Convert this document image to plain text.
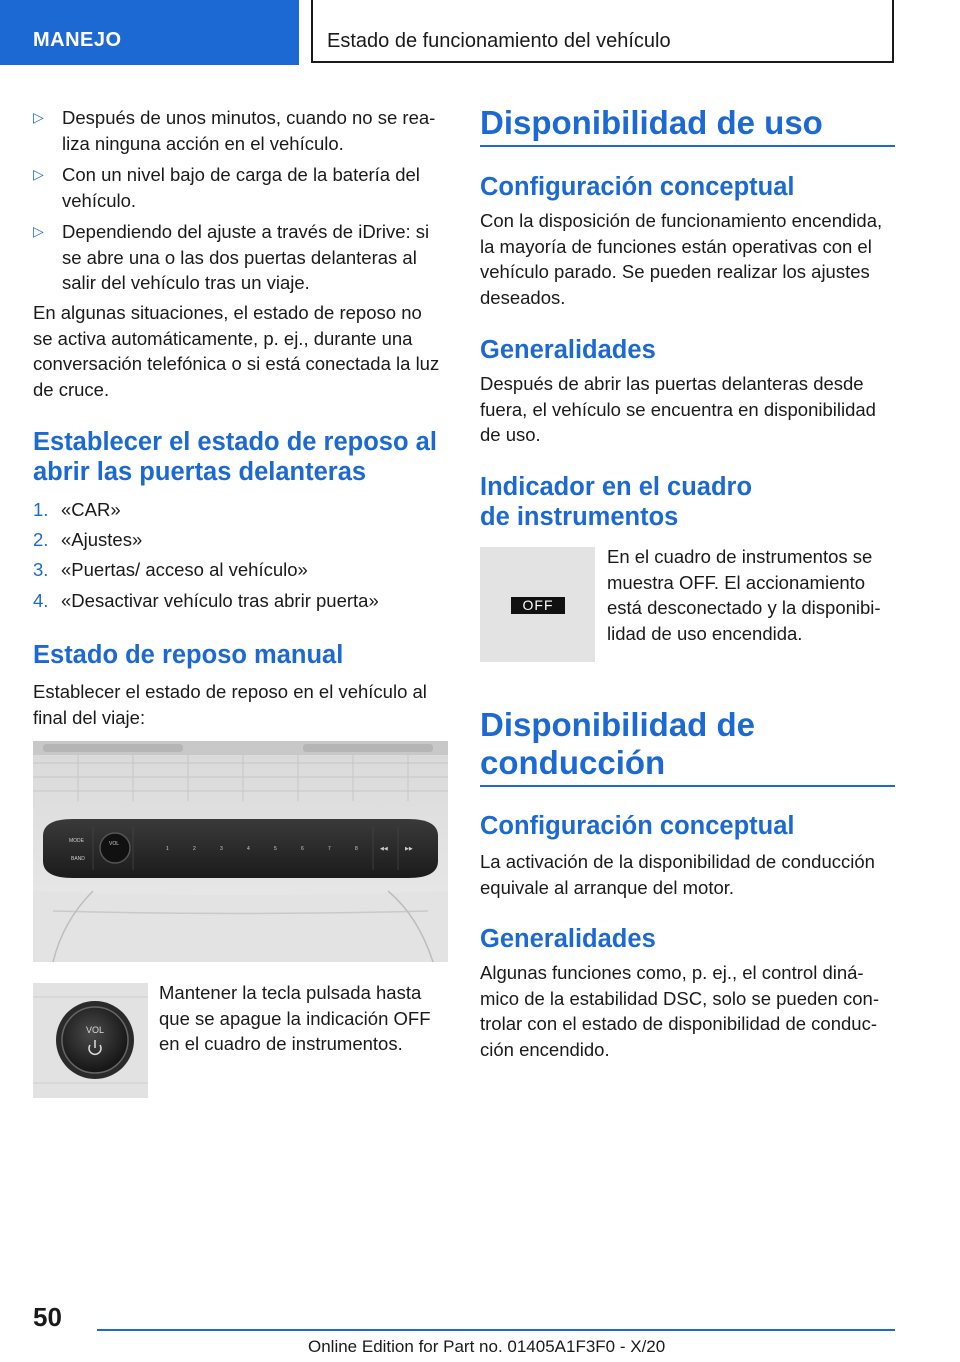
MANEJO	Estado de funcionamiento del vehículo
▷ Después de unos minutos, cuando no se rea-
liza ninguna acción en el vehículo.

▷ Con un nivel bajo de carga de la batería del
vehículo.

▷ Dependiendo del ajuste a través de iDrive: si
se abre una o las dos puertas delanteras al
salir del vehículo tras un viaje.

En algunas situaciones, el estado de reposo no
se activa automáticamente, p. ej., durante una
conversación telefónica o si está conectada la luz
de cruce.

Establecer el estado de reposo al
abrir las puertas delanteras
1. «CAR»
2. «Ajustes»
3. «Puertas/ acceso al vehículo»
4. «Desactivar vehículo tras abrir puerta»
Estado de reposo manual

Establecer el estado de reposo en el vehículo al
final del viaje:

MODE
BAND
VOL
1	2	3	4	5	6	7	8	◀◀	▶▶
VOL

Mantener la tecla pulsada hasta
que se apague la indicación OFF
en el cuadro de instrumentos.

Disponibilidad de uso
Configuración conceptual

Con la disposición de funcionamiento encendida,
la mayoría de funciones están operativas con el
vehículo parado. Se pueden realizar los ajustes
deseados.

Generalidades

Después de abrir las puertas delanteras desde
fuera, el vehículo se encuentra en disponibilidad
de uso.

Indicador en el cuadro
de instrumentos
OFF

En el cuadro de instrumentos se
muestra OFF. El accionamiento
está desconectado y la disponibi-
lidad de uso encendida.

Disponibilidad de
conducción
Configuración conceptual

La activación de la disponibilidad de conducción
equivale al arranque del motor.

Generalidades

Algunas funciones como, p. ej., el control diná-
mico de la estabilidad DSC, solo se pueden con-
trolar con el estado de disponibilidad de conduc-
ción encendido.

50
Online Edition for Part no. 01405A1F3F0 - X/20
